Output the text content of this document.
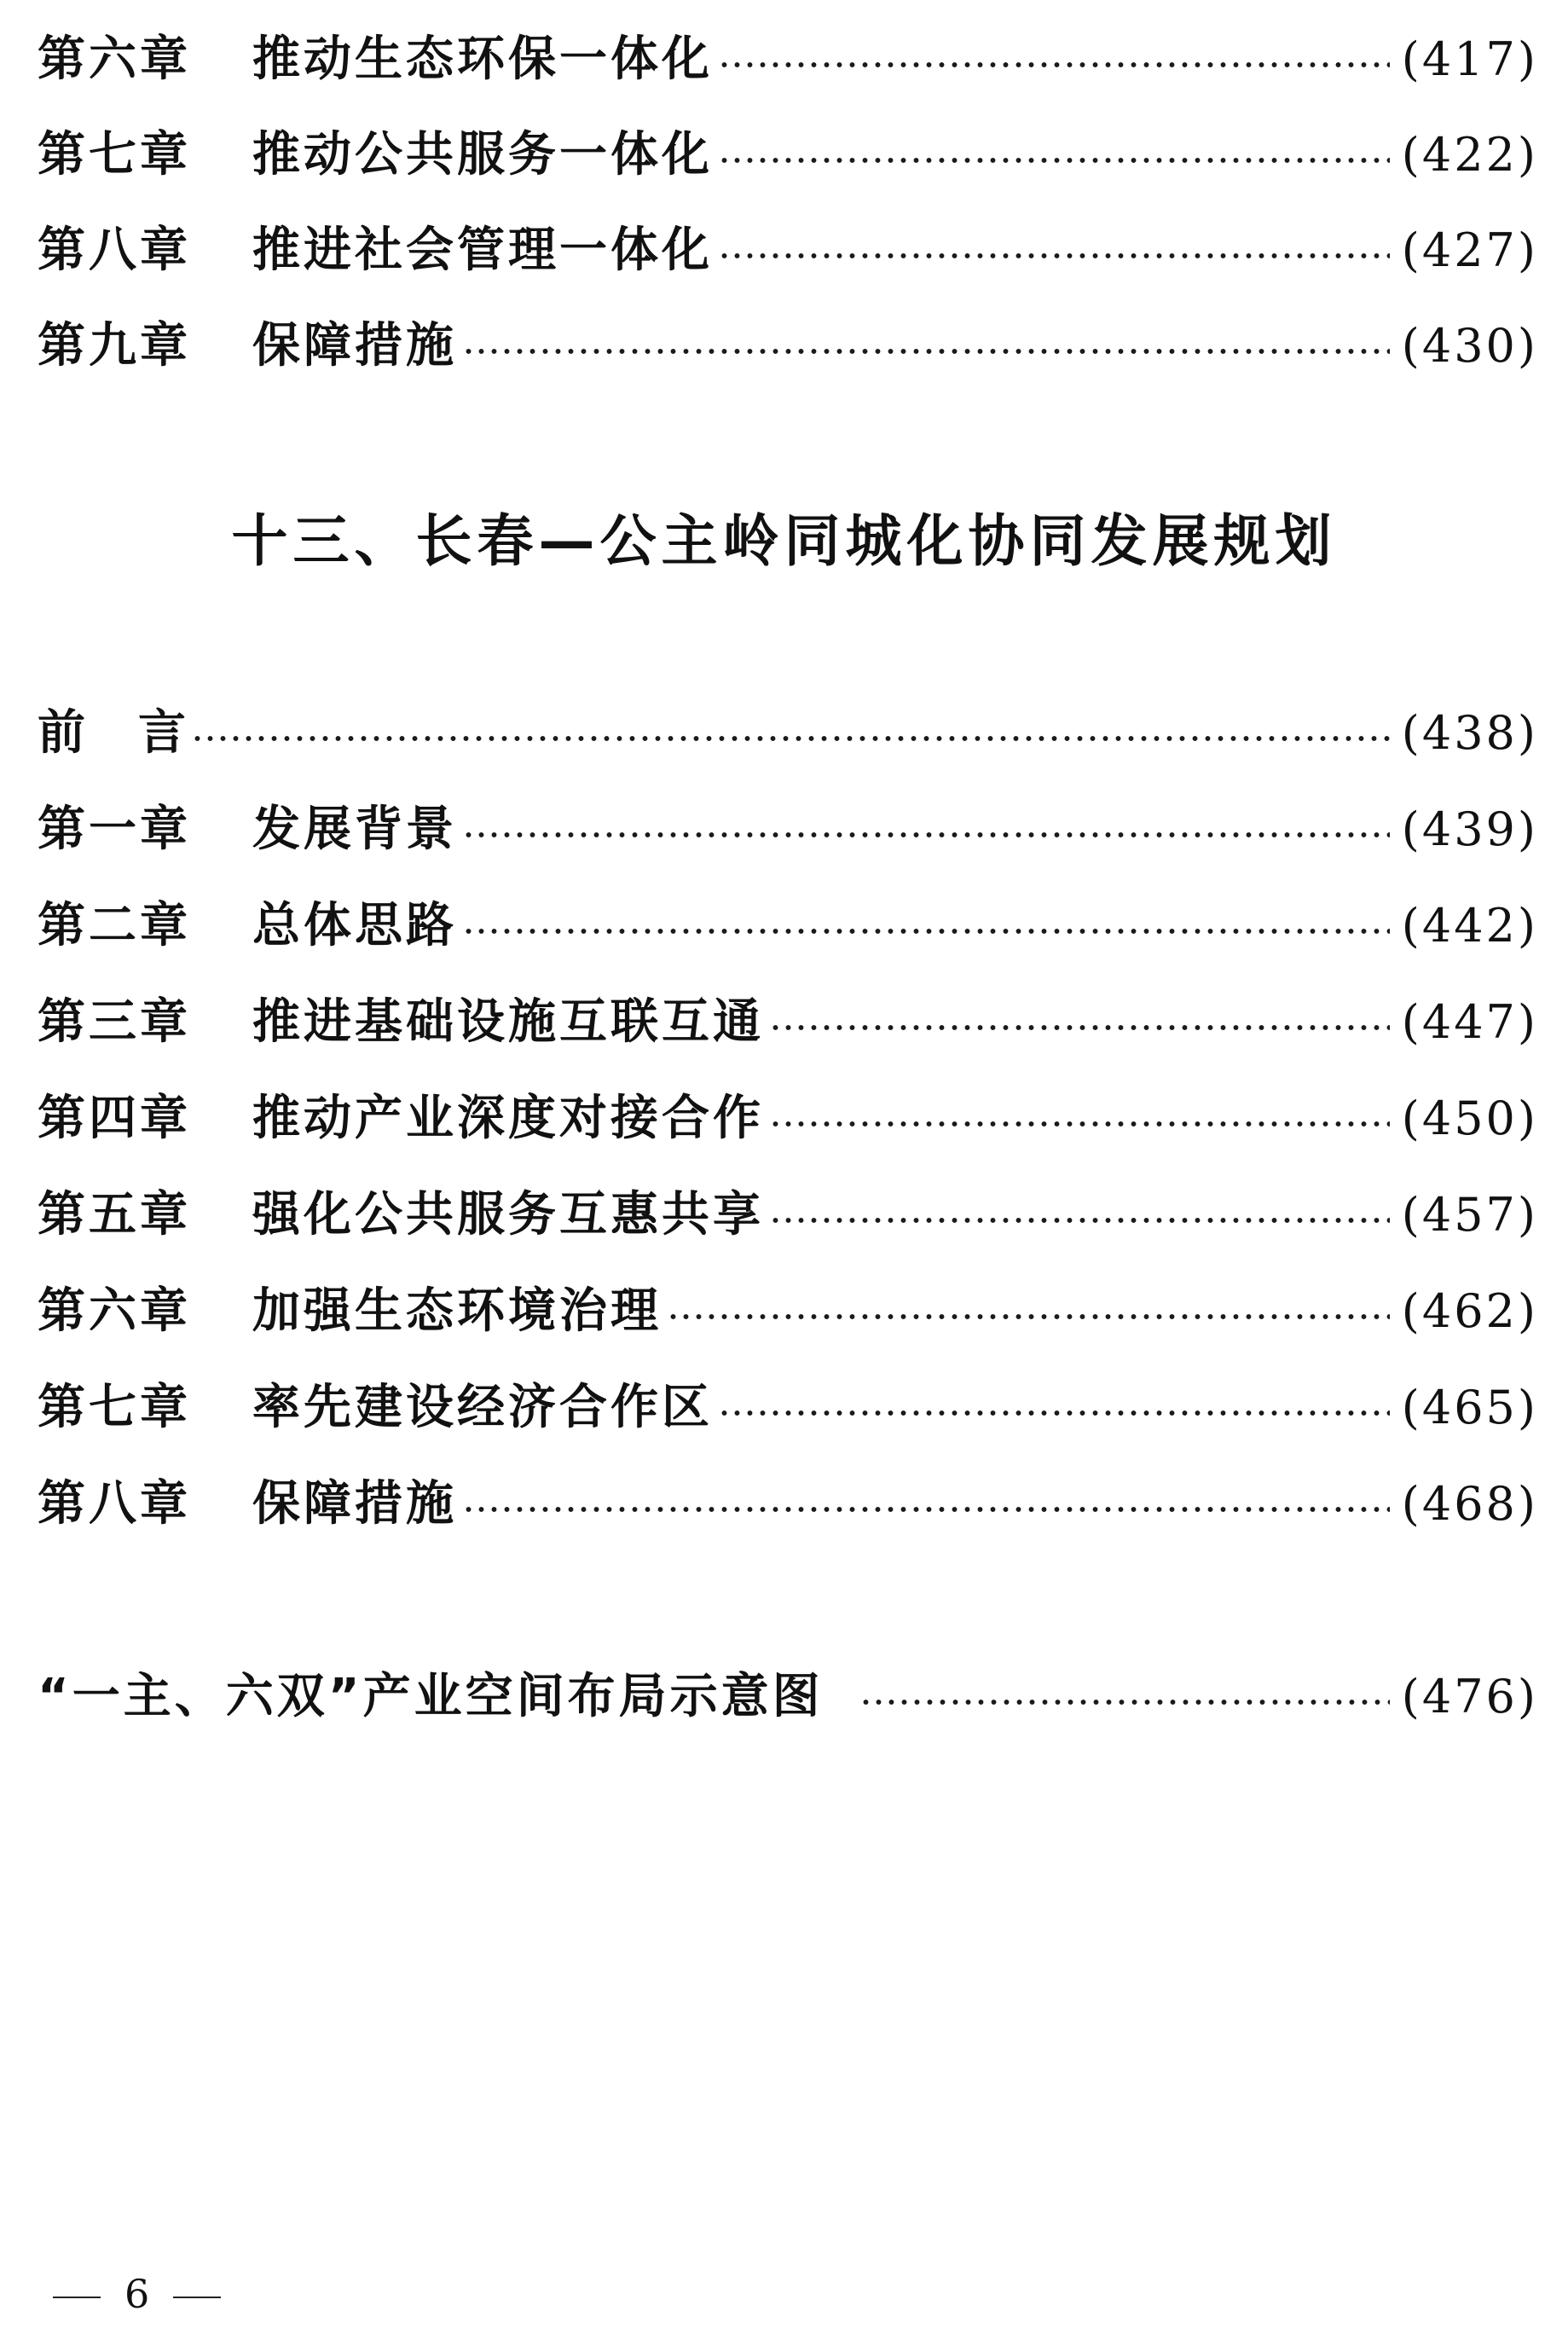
第六章	推动生态环保一体化	(417)
第七章	推动公共服务一体化	(422)
第八章	推进社会管理一体化	(427)
第九章	保障措施	(430)
十三、长春—公主岭同城化协同发展规划
前 言	(438)
第一章	发展背景	(439)
第二章	总体思路	(442)
第三章	推进基础设施互联互通	(447)
第四章	推动产业深度对接合作	(450)
第五章	强化公共服务互惠共享	(457)
第六章	加强生态环境治理	(462)
第七章	率先建设经济合作区	(465)
第八章	保障措施	(468)
“一主、六双”产业空间布局示意图	(476)
6
